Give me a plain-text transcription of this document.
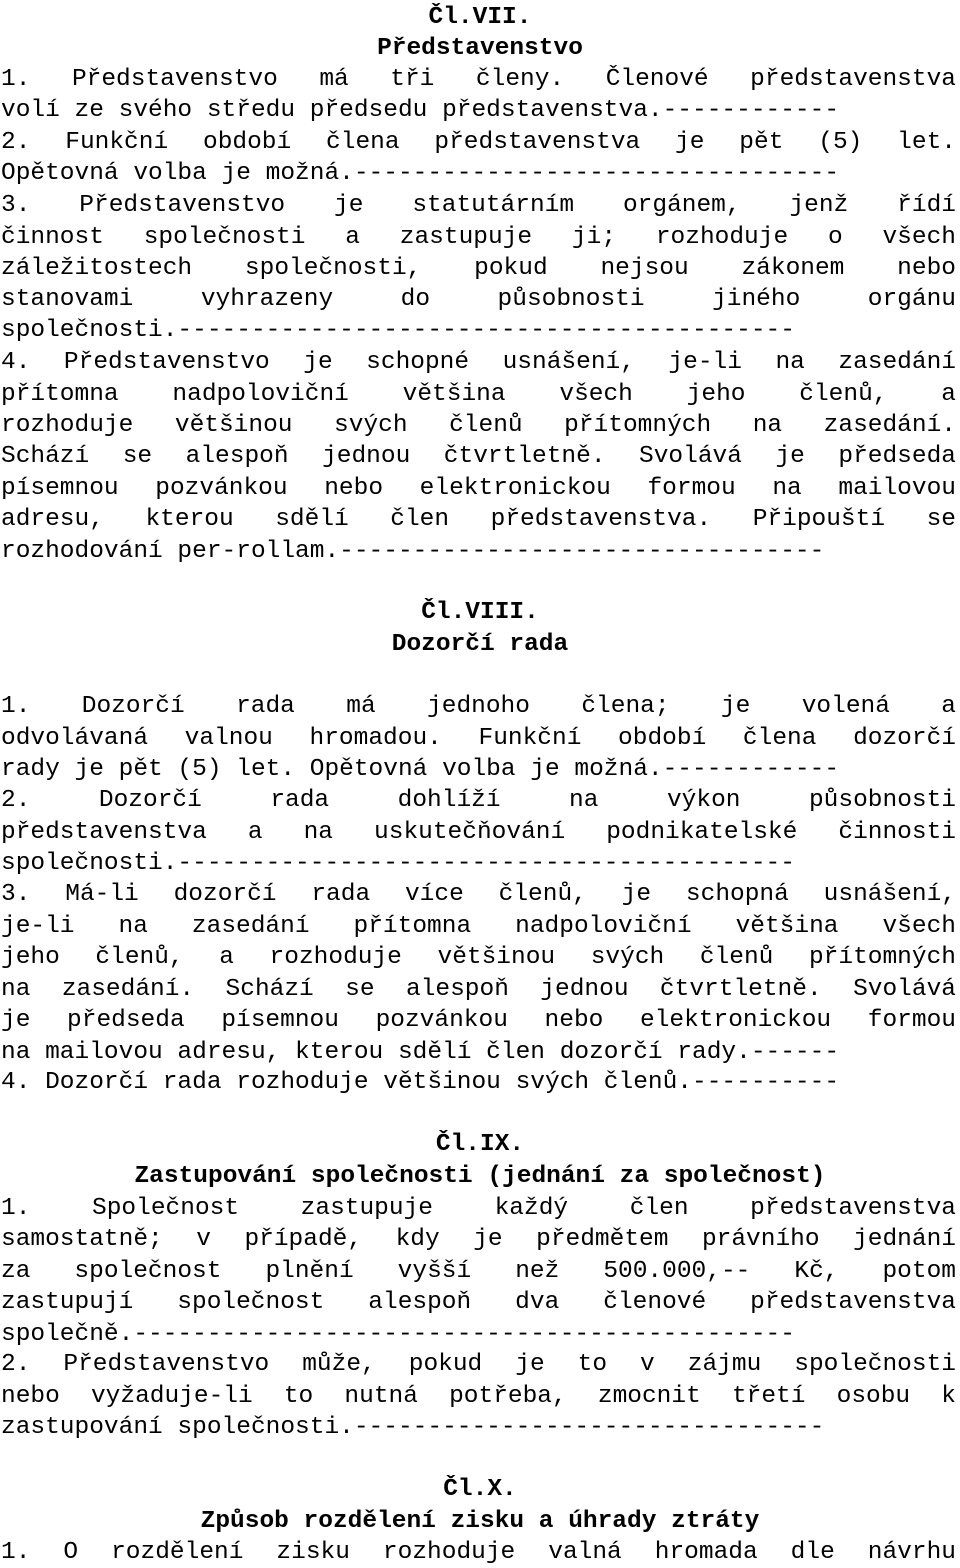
Čl.VII.
Představenstvo
1. Představenstvo má tři členy. Členové představenstva
volí ze svého středu předsedu představenstva.------------
2. Funkční období člena představenstva je pět (5) let.
Opětovná volba je možná.---------------------------------
3. Představenstvo je statutárním orgánem, jenž řídí
činnost společnosti a zastupuje ji; rozhoduje o všech
záležitostech společnosti, pokud nejsou zákonem nebo
stanovami vyhrazeny do působnosti jiného orgánu
společnosti.------------------------------------------
4. Představenstvo je schopné usnášení, je-li na zasedání
přítomna nadpoloviční většina všech jeho členů, a
rozhoduje většinou svých členů přítomných na zasedání.
Schází se alespoň jednou čtvrtletně. Svolává je předseda
písemnou pozvánkou nebo elektronickou formou na mailovou
adresu, kterou sdělí člen představenstva. Připouští se
rozhodování per-rollam.---------------------------------
Čl.VIII.
Dozorčí rada
1. Dozorčí rada má jednoho člena; je volená a
odvolávaná valnou hromadou. Funkční období člena dozorčí
rady je pět (5) let. Opětovná volba je možná.------------
2. Dozorčí rada dohlíží na výkon působnosti
představenstva a na uskutečňování podnikatelské činnosti
společnosti.------------------------------------------
3. Má-li dozorčí rada více členů, je schopná usnášení,
je-li na zasedání přítomna nadpoloviční většina všech
jeho členů, a rozhoduje většinou svých členů přítomných
na zasedání. Schází se alespoň jednou čtvrtletně. Svolává
je předseda písemnou pozvánkou nebo elektronickou formou
na mailovou adresu, kterou sdělí člen dozorčí rady.------
4. Dozorčí rada rozhoduje většinou svých členů.----------
Čl.IX.
Zastupování společnosti (jednání za společnost)
1. Společnost zastupuje každý člen představenstva
samostatně; v případě, kdy je předmětem právního jednání
za společnost plnění vyšší než 500.000,-- Kč, potom
zastupují společnost alespoň dva členové představenstva
společně.---------------------------------------------
2. Představenstvo může, pokud je to v zájmu společnosti
nebo vyžaduje-li to nutná potřeba, zmocnit třetí osobu k
zastupování společnosti.--------------------------------
Čl.X.
Způsob rozdělení zisku a úhrady ztráty
1. O rozdělení zisku rozhoduje valná hromada dle návrhu
